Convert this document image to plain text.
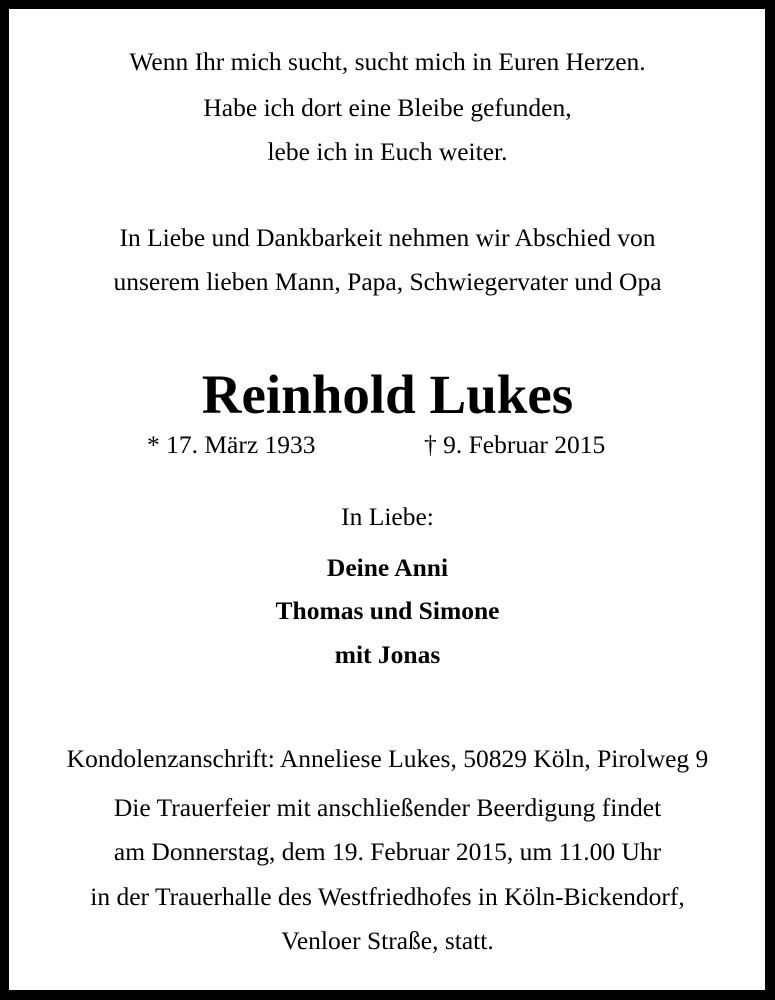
Wenn Ihr mich sucht, sucht mich in Euren Herzen.
Habe ich dort eine Bleibe gefunden,
lebe ich in Euch weiter.
In Liebe und Dankbarkeit nehmen wir Abschied von
unserem lieben Mann, Papa, Schwiegervater und Opa
Reinhold Lukes
* 17. März 1933	† 9. Februar 2015
In Liebe:
Deine Anni
Thomas und Simone
mit Jonas
Kondolenzanschrift: Anneliese Lukes, 50829 Köln, Pirolweg 9
Die Trauerfeier mit anschließender Beerdigung findet
am Donnerstag, dem 19. Februar 2015, um 11.00 Uhr
in der Trauerhalle des Westfriedhofes in Köln-Bickendorf,
Venloer Straße, statt.
